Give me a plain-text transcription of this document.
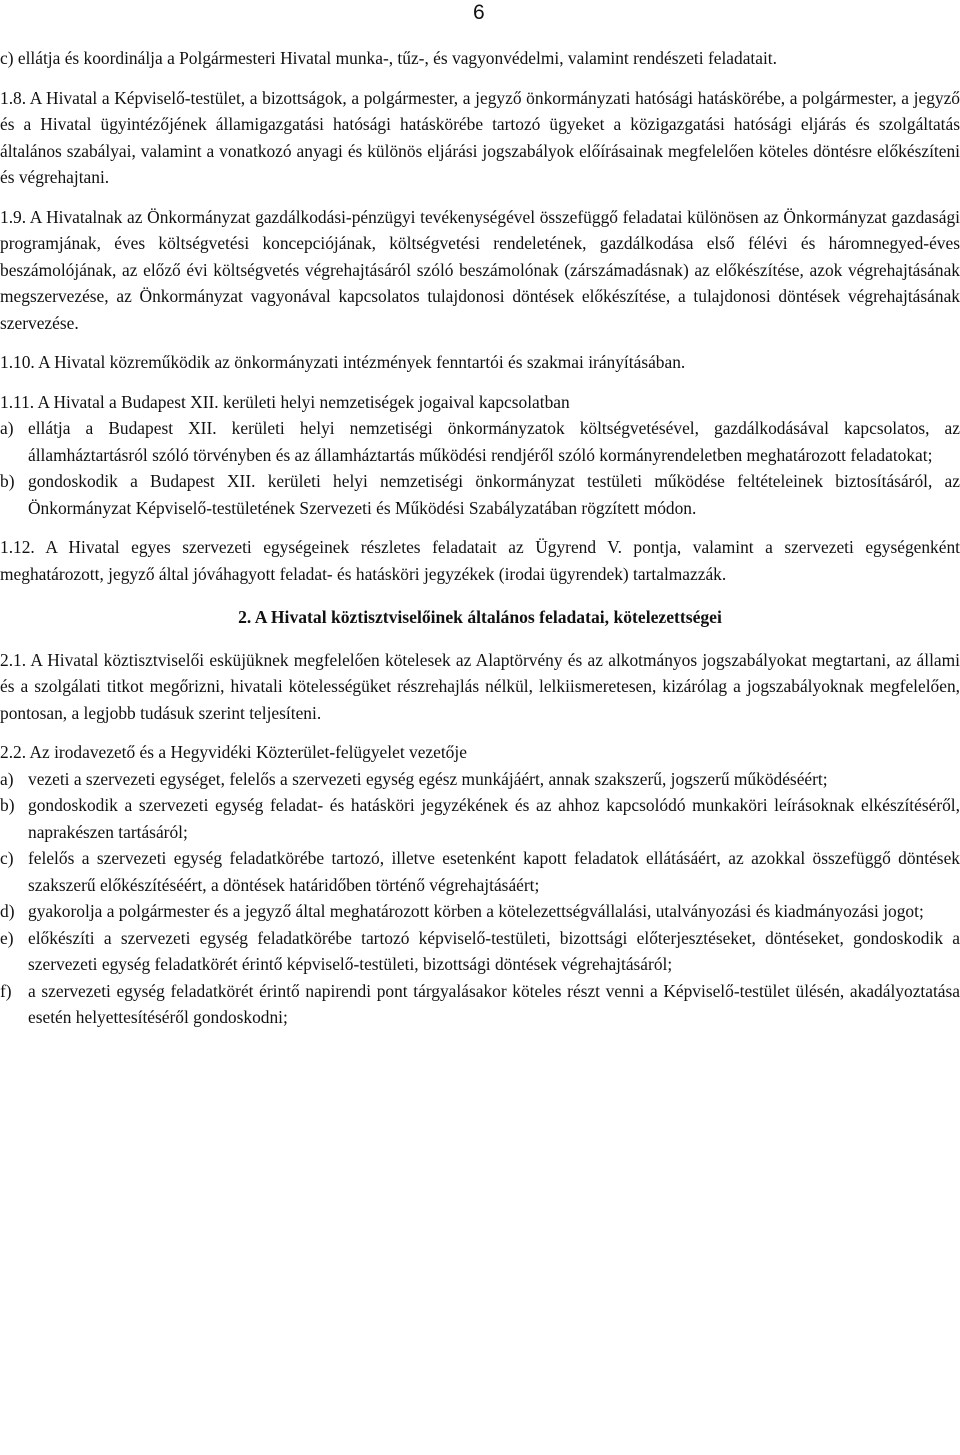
6

c) ellátja és koordinálja a Polgármesteri Hivatal munka-, tűz-, és vagyonvédelmi, valamint rendészeti feladatait.

1.8. A Hivatal a Képviselő-testület, a bizottságok, a polgármester, a jegyző önkormányzati hatósági hatáskörébe, a polgármester, a jegyző és a Hivatal ügyintézőjének államigazgatási hatósági hatáskörébe tartozó ügyeket a közigazgatási hatósági eljárás és szolgáltatás általános szabályai, valamint a vonatkozó anyagi és különös eljárási jogszabályok előírásainak megfelelően köteles döntésre előkészíteni és végrehajtani.

1.9. A Hivatalnak az Önkormányzat gazdálkodási-pénzügyi tevékenységével összefüggő feladatai különösen az Önkormányzat gazdasági programjának, éves költségvetési koncepciójának, költségvetési rendeletének, gazdálkodása első félévi és háromnegyed-éves beszámolójának, az előző évi költségvetés végrehajtásáról szóló beszámolónak (zárszámadásnak) az előkészítése, azok végrehajtásának megszervezése, az Önkormányzat vagyonával kapcsolatos tulajdonosi döntések előkészítése, a tulajdonosi döntések végrehajtásának szervezése.

1.10. A Hivatal közreműködik az önkormányzati intézmények fenntartói és szakmai irányításában.

1.11. A Hivatal a Budapest XII. kerületi helyi nemzetiségek jogaival kapcsolatban

a) ellátja a Budapest XII. kerületi helyi nemzetiségi önkormányzatok költségvetésével, gazdálkodásával kapcsolatos, az államháztartásról szóló törvényben és az államháztartás működési rendjéről szóló kormányrendeletben meghatározott feladatokat;
b) gondoskodik a Budapest XII. kerületi helyi nemzetiségi önkormányzat testületi működése feltételeinek biztosításáról, az Önkormányzat Képviselő-testületének Szervezeti és Működési Szabályzatában rögzített módon.

1.12. A Hivatal egyes szervezeti egységeinek részletes feladatait az Ügyrend V. pontja, valamint a szervezeti egységenként meghatározott, jegyző által jóváhagyott feladat- és hatásköri jegyzékek (irodai ügyrendek) tartalmazzák.

2. A Hivatal köztisztviselőinek általános feladatai, kötelezettségei

2.1. A Hivatal köztisztviselői esküjüknek megfelelően kötelesek az Alaptörvény és az alkotmányos jogszabályokat megtartani, az állami és a szolgálati titkot megőrizni, hivatali kötelességüket részrehajlás nélkül, lelkiismeretesen, kizárólag a jogszabályoknak megfelelően, pontosan, a legjobb tudásuk szerint teljesíteni.

2.2. Az irodavezető és a Hegyvidéki Közterület-felügyelet vezetője

a) vezeti a szervezeti egységet, felelős a szervezeti egység egész munkájáért, annak szakszerű, jogszerű működéséért;
b) gondoskodik a szervezeti egység feladat- és hatásköri jegyzékének és az ahhoz kapcsolódó munkaköri leírásoknak elkészítéséről, naprakészen tartásáról;
c) felelős a szervezeti egység feladatkörébe tartozó, illetve esetenként kapott feladatok ellátásáért, az azokkal összefüggő döntések szakszerű előkészítéséért, a döntések határidőben történő végrehajtásáért;
d) gyakorolja a polgármester és a jegyző által meghatározott körben a kötelezettségvállalási, utalványozási és kiadmányozási jogot;
e) előkészíti a szervezeti egység feladatkörébe tartozó képviselő-testületi, bizottsági előterjesztéseket, döntéseket, gondoskodik a szervezeti egység feladatkörét érintő képviselő-testületi, bizottsági döntések végrehajtásáról;
f) a szervezeti egység feladatkörét érintő napirendi pont tárgyalásakor köteles részt venni a Képviselő-testület ülésén, akadályoztatása esetén helyettesítéséről gondoskodni;
